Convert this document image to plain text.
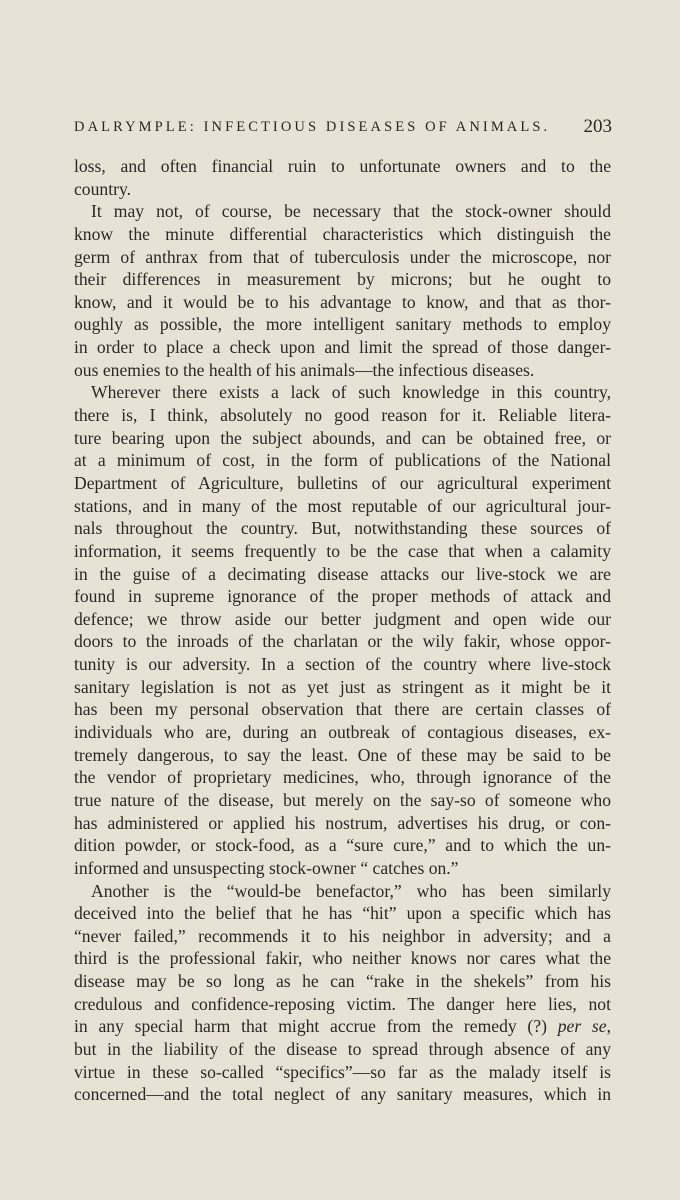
DALRYMPLE: INFECTIOUS DISEASES OF ANIMALS. 203
loss, and often financial ruin to unfortunate owners and to the
country.
It may not, of course, be necessary that the stock-owner should
know the minute differential characteristics which distinguish the
germ of anthrax from that of tuberculosis under the microscope, nor
their differences in measurement by microns; but he ought to
know, and it would be to his advantage to know, and that as thor-
oughly as possible, the more intelligent sanitary methods to employ
in order to place a check upon and limit the spread of those danger-
ous enemies to the health of his animals—the infectious diseases.
Wherever there exists a lack of such knowledge in this country,
there is, I think, absolutely no good reason for it. Reliable litera-
ture bearing upon the subject abounds, and can be obtained free, or
at a minimum of cost, in the form of publications of the National
Department of Agriculture, bulletins of our agricultural experiment
stations, and in many of the most reputable of our agricultural jour-
nals throughout the country. But, notwithstanding these sources of
information, it seems frequently to be the case that when a calamity
in the guise of a decimating disease attacks our live-stock we are
found in supreme ignorance of the proper methods of attack and
defence; we throw aside our better judgment and open wide our
doors to the inroads of the charlatan or the wily fakir, whose oppor-
tunity is our adversity. In a section of the country where live-stock
sanitary legislation is not as yet just as stringent as it might be it
has been my personal observation that there are certain classes of
individuals who are, during an outbreak of contagious diseases, ex-
tremely dangerous, to say the least. One of these may be said to be
the vendor of proprietary medicines, who, through ignorance of the
true nature of the disease, but merely on the say-so of someone who
has administered or applied his nostrum, advertises his drug, or con-
dition powder, or stock-food, as a “sure cure,” and to which the un-
informed and unsuspecting stock-owner “ catches on.”
Another is the “would-be benefactor,” who has been similarly
deceived into the belief that he has “hit” upon a specific which has
“never failed,” recommends it to his neighbor in adversity; and a
third is the professional fakir, who neither knows nor cares what the
disease may be so long as he can “rake in the shekels” from his
credulous and confidence-reposing victim. The danger here lies, not
in any special harm that might accrue from the remedy (?) per se,
but in the liability of the disease to spread through absence of any
virtue in these so-called “specifics”—so far as the malady itself is
concerned—and the total neglect of any sanitary measures, which in
